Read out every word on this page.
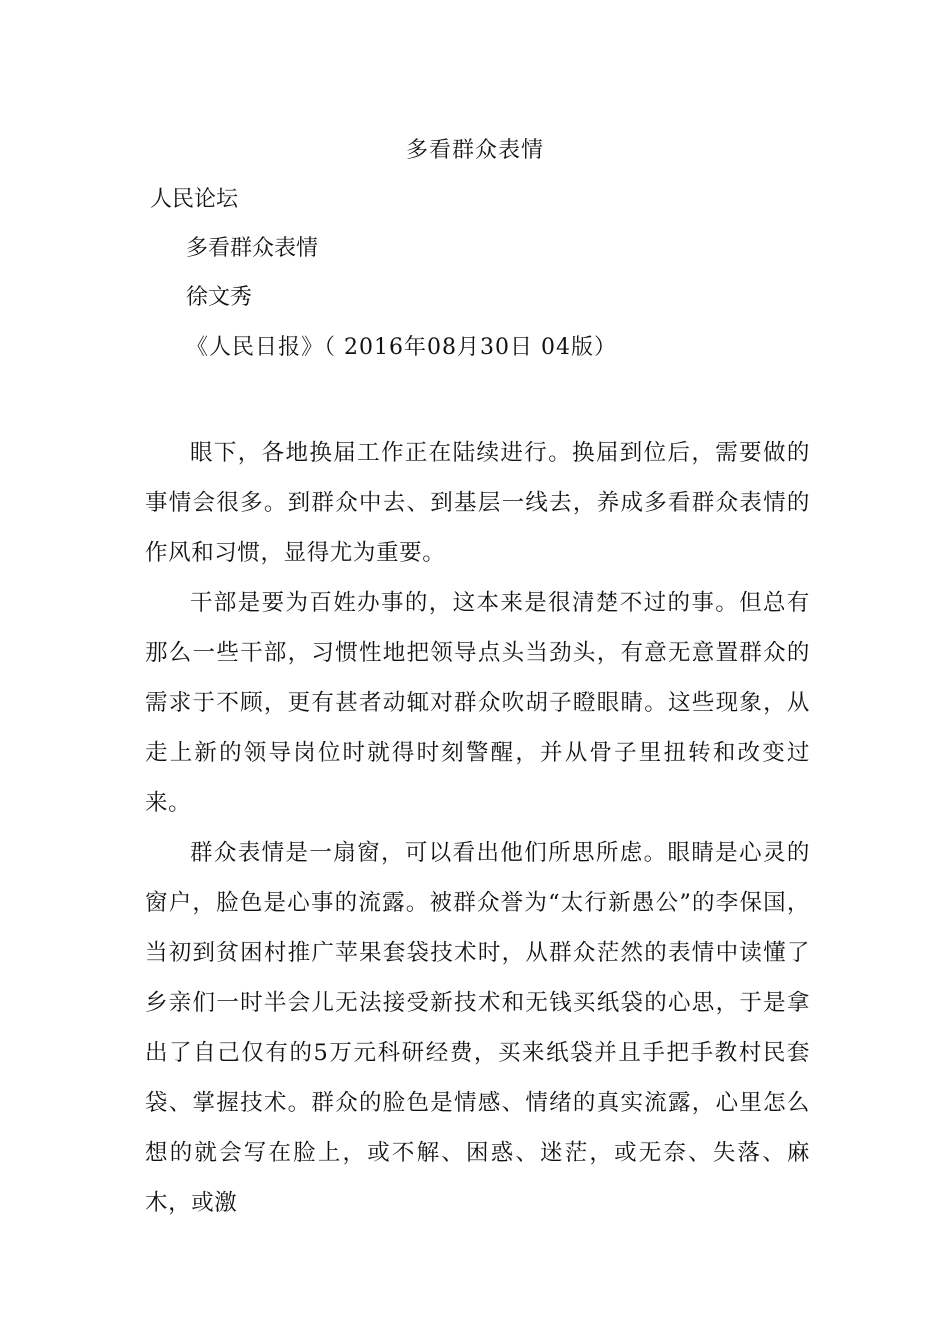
多看群众表情
人民论坛
多看群众表情
徐文秀
《人民日报》（ 2016年08月30日 04版）

眼下，各地换届工作正在陆续进行。换届到位后，需要做的事情会很多。到群众中去、到基层一线去，养成多看群众表情的作风和习惯，显得尤为重要。

干部是要为百姓办事的，这本来是很清楚不过的事。但总有那么一些干部，习惯性地把领导点头当劲头，有意无意置群众的需求于不顾，更有甚者动辄对群众吹胡子瞪眼睛。这些现象，从走上新的领导岗位时就得时刻警醒，并从骨子里扭转和改变过来。

群众表情是一扇窗，可以看出他们所思所虑。眼睛是心灵的窗户，脸色是心事的流露。被群众誉为“太行新愚公”的李保国，当初到贫困村推广苹果套袋技术时，从群众茫然的表情中读懂了乡亲们一时半会儿无法接受新技术和无钱买纸袋的心思，于是拿出了自己仅有的5万元科研经费，买来纸袋并且手把手教村民套袋、掌握技术。群众的脸色是情感、情绪的真实流露，心里怎么想的就会写在脸上，或不解、困惑、迷茫，或无奈、失落、麻木，或激
